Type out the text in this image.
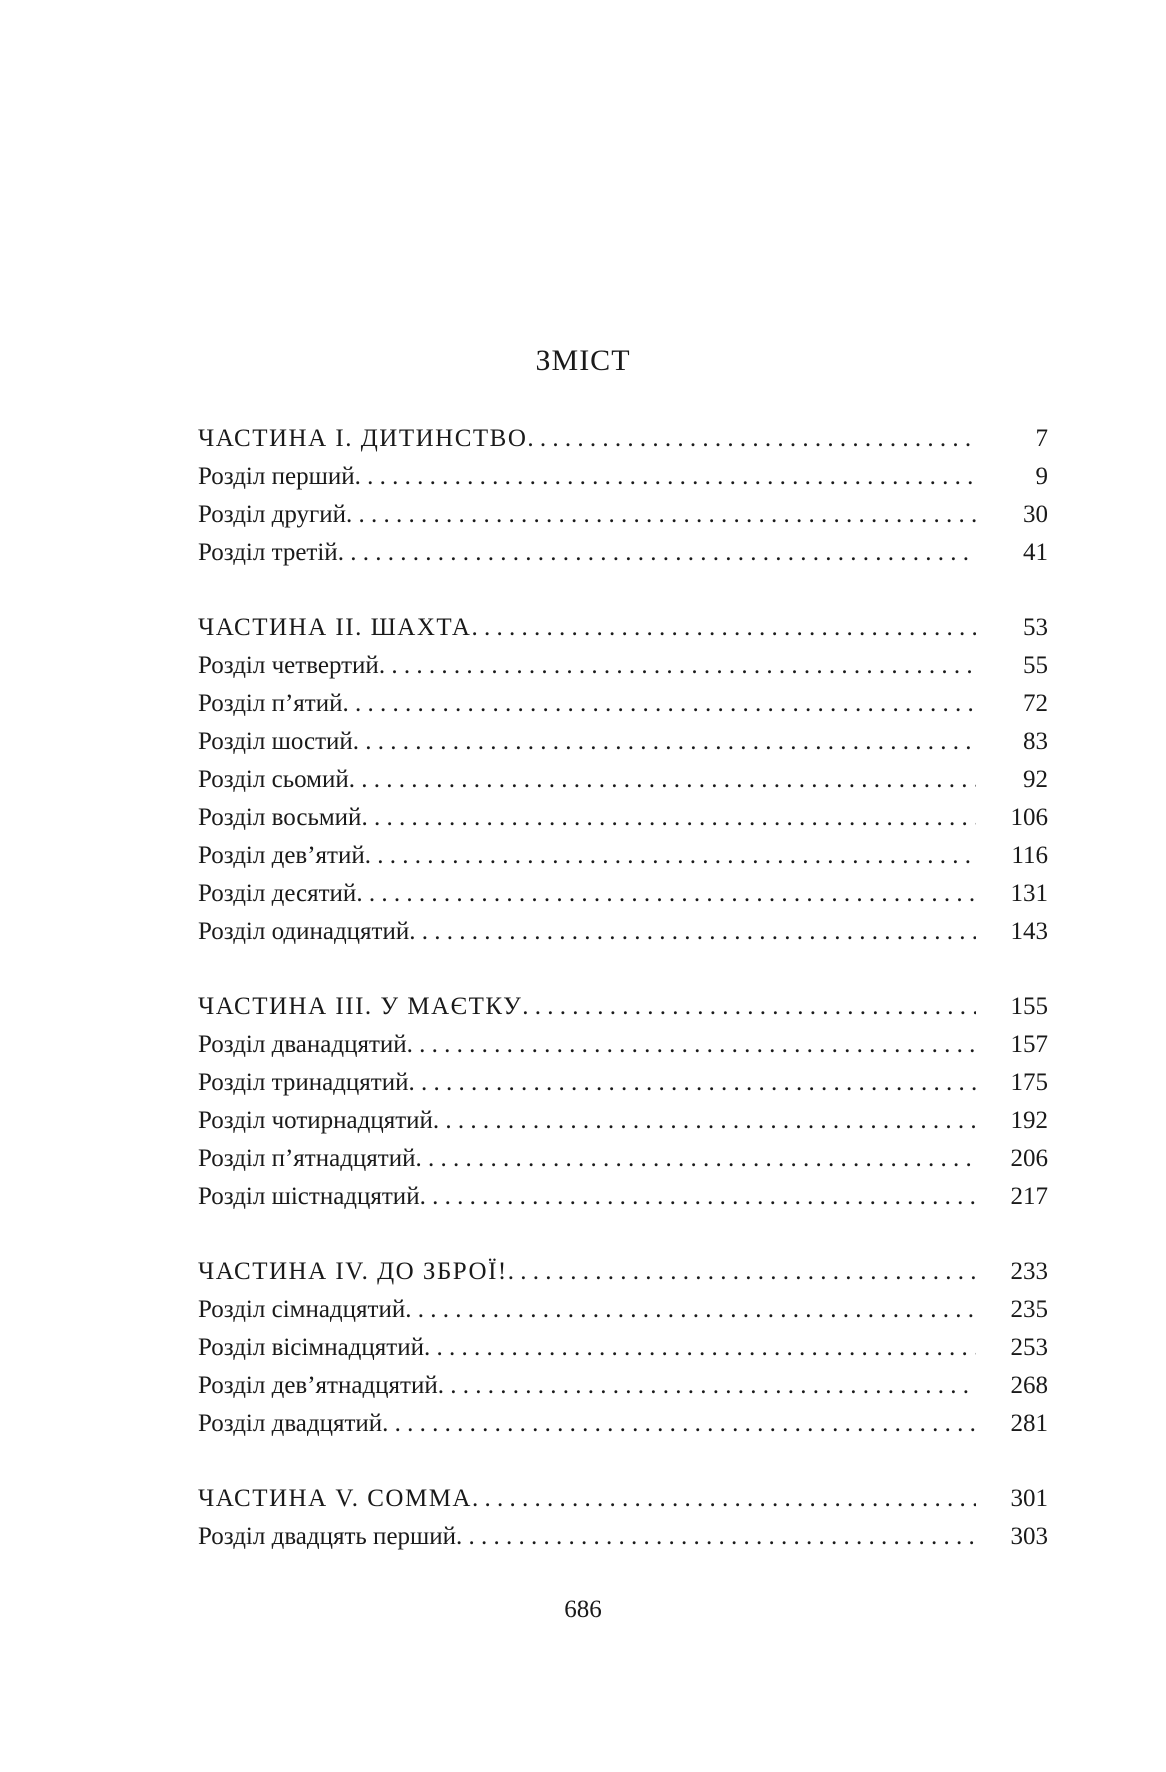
ЗМІСТ
ЧАСТИНА І. ДИТИНСТВО . . .	7
Розділ перший . . .	9
Розділ другий . . .	30
Розділ третій . . .	41
ЧАСТИНА ІІ. ШАХТА . . .	53
Розділ четвертий . . .	55
Розділ п’ятий . . .	72
Розділ шостий . . .	83
Розділ сьомий . . .	92
Розділ восьмий . . .	106
Розділ дев’ятий . . .	116
Розділ десятий . . .	131
Розділ одинадцятий . . .	143
ЧАСТИНА ІІІ. У МАЄТКУ . . .	155
Розділ дванадцятий . . .	157
Розділ тринадцятий . . .	175
Розділ чотирнадцятий . . .	192
Розділ п’ятнадцятий . . .	206
Розділ шістнадцятий . . .	217
ЧАСТИНА IV. ДО ЗБРОЇ! . . .	233
Розділ сімнадцятий . . .	235
Розділ вісімнадцятий . . .	253
Розділ дев’ятнадцятий . . .	268
Розділ двадцятий . . .	281
ЧАСТИНА V. COMMA . . .	301
Розділ двадцять перший . . .	303
686
